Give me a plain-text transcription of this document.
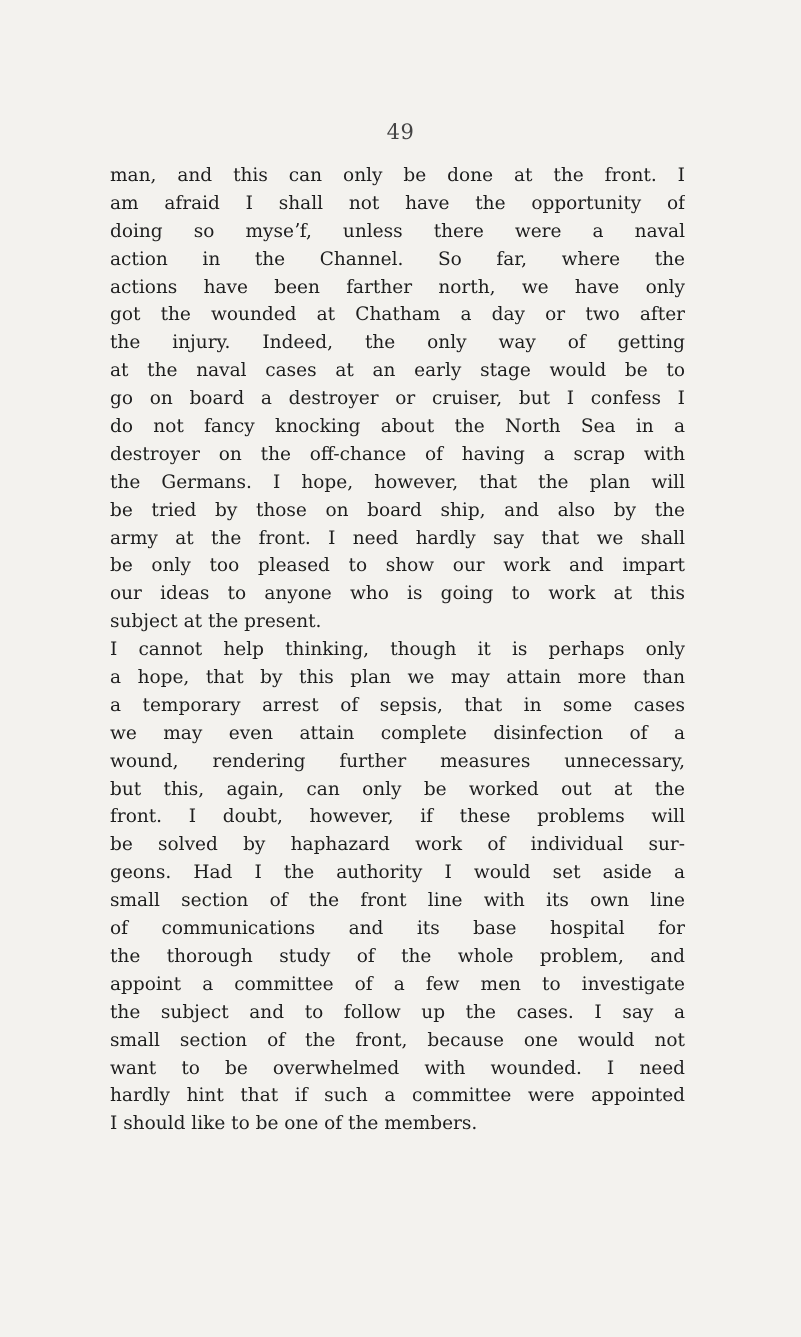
49
man, and this can only be done at the front. I
am afraid I shall not have the opportunity of
doing so myseʼf, unless there were a naval
action in the Channel. So far, where the
actions have been farther north, we have only
got the wounded at Chatham a day or two after
the injury. Indeed, the only way of getting
at the naval cases at an early stage would be to
go on board a destroyer or cruiser, but I confess I
do not fancy knocking about the North Sea in a
destroyer on the off-chance of having a scrap with
the Germans. I hope, however, that the plan will
be tried by those on board ship, and also by the
army at the front. I need hardly say that we shall
be only too pleased to show our work and impart
our ideas to anyone who is going to work at this
subject at the present.
I cannot help thinking, though it is perhaps only
a hope, that by this plan we may attain more than
a temporary arrest of sepsis, that in some cases
we may even attain complete disinfection of a
wound, rendering further measures unnecessary,
but this, again, can only be worked out at the
front. I doubt, however, if these problems will
be solved by haphazard work of individual sur-
geons. Had I the authority I would set aside a
small section of the front line with its own line
of communications and its base hospital for
the thorough study of the whole problem, and
appoint a committee of a few men to investigate
the subject and to follow up the cases. I say a
small section of the front, because one would not
want to be overwhelmed with wounded. I need
hardly hint that if such a committee were appointed
I should like to be one of the members.
